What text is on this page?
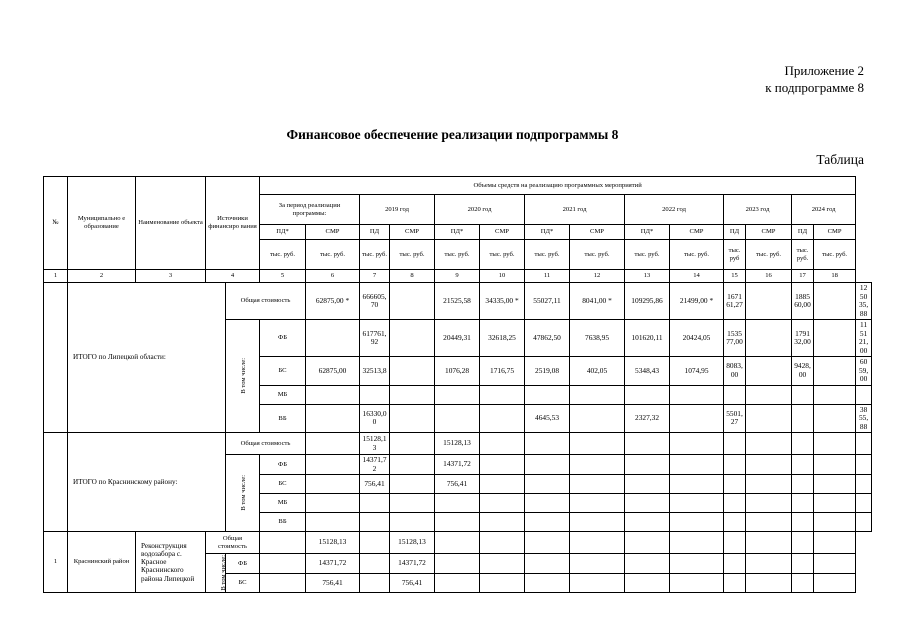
Приложение 2
к подпрограмме 8
Финансовое обеспечение реализации подпрограммы 8
Таблица
№	Муниципально е образование	Наименование объекта	Источники финансиро вания		Объемы средств на реализацию программных мероприятий														
					За период реализации программы:		2019 год		2020 год		2021 год		2022 год		2023 год		2024 год		
					ПД*	СМР	ПД	СМР	ПД*	СМР	ПД*	СМР	ПД*	СМР	ПД	СМР	ПД	СМР	
					тыс. руб.	тыс. руб.	тыс. руб.	тыс. руб.	тыс. руб.	тыс. руб.	тыс. руб.	тыс. руб.	тыс. руб.	тыс. руб.	тыс. руб	тыс. руб.	тыс. руб.	тыс. руб.	
1	2	3	4		5	6	7	8	9	10	11	12	13	14	15	16	17	18	
	ИТОГО по Липецкой области:			Общая стоимость		62875,00 *	666605,70		21525,58	34335,00 *	55027,11	8041,00 *	109295,86	21499,00 *	167161,27		188560,00		125035,88
				В том числе:	ФБ		617761,92		20449,31	32618,25	47862,50	7638,95	101620,11	20424,05	153577,00		179132,00		115121,00
					БС	62875,00	32513,8		1076,28	1716,75	2519,08	402,05	5348,43	1074,95	8083,00		9428,00		6059,00
					МБ														
					ВБ		16330,00				4645,53		2327,32		5501,27				3855,88
	ИТОГО по Краснинскому району:			Общая стоимость			15128,13		15128,13										
				В том числе:	ФБ		14371,72		14371,72										
					БС		756,41		756,41										
					МБ														
					ВБ														
1	Краснинский район	Реконструкция водозабора с. Красное Краснинского района Липецкой	Общая стоимость			15128,13		15128,13											
			В том числе:	ФБ		14371,72		14371,72											
				БС		756,41		756,41											
